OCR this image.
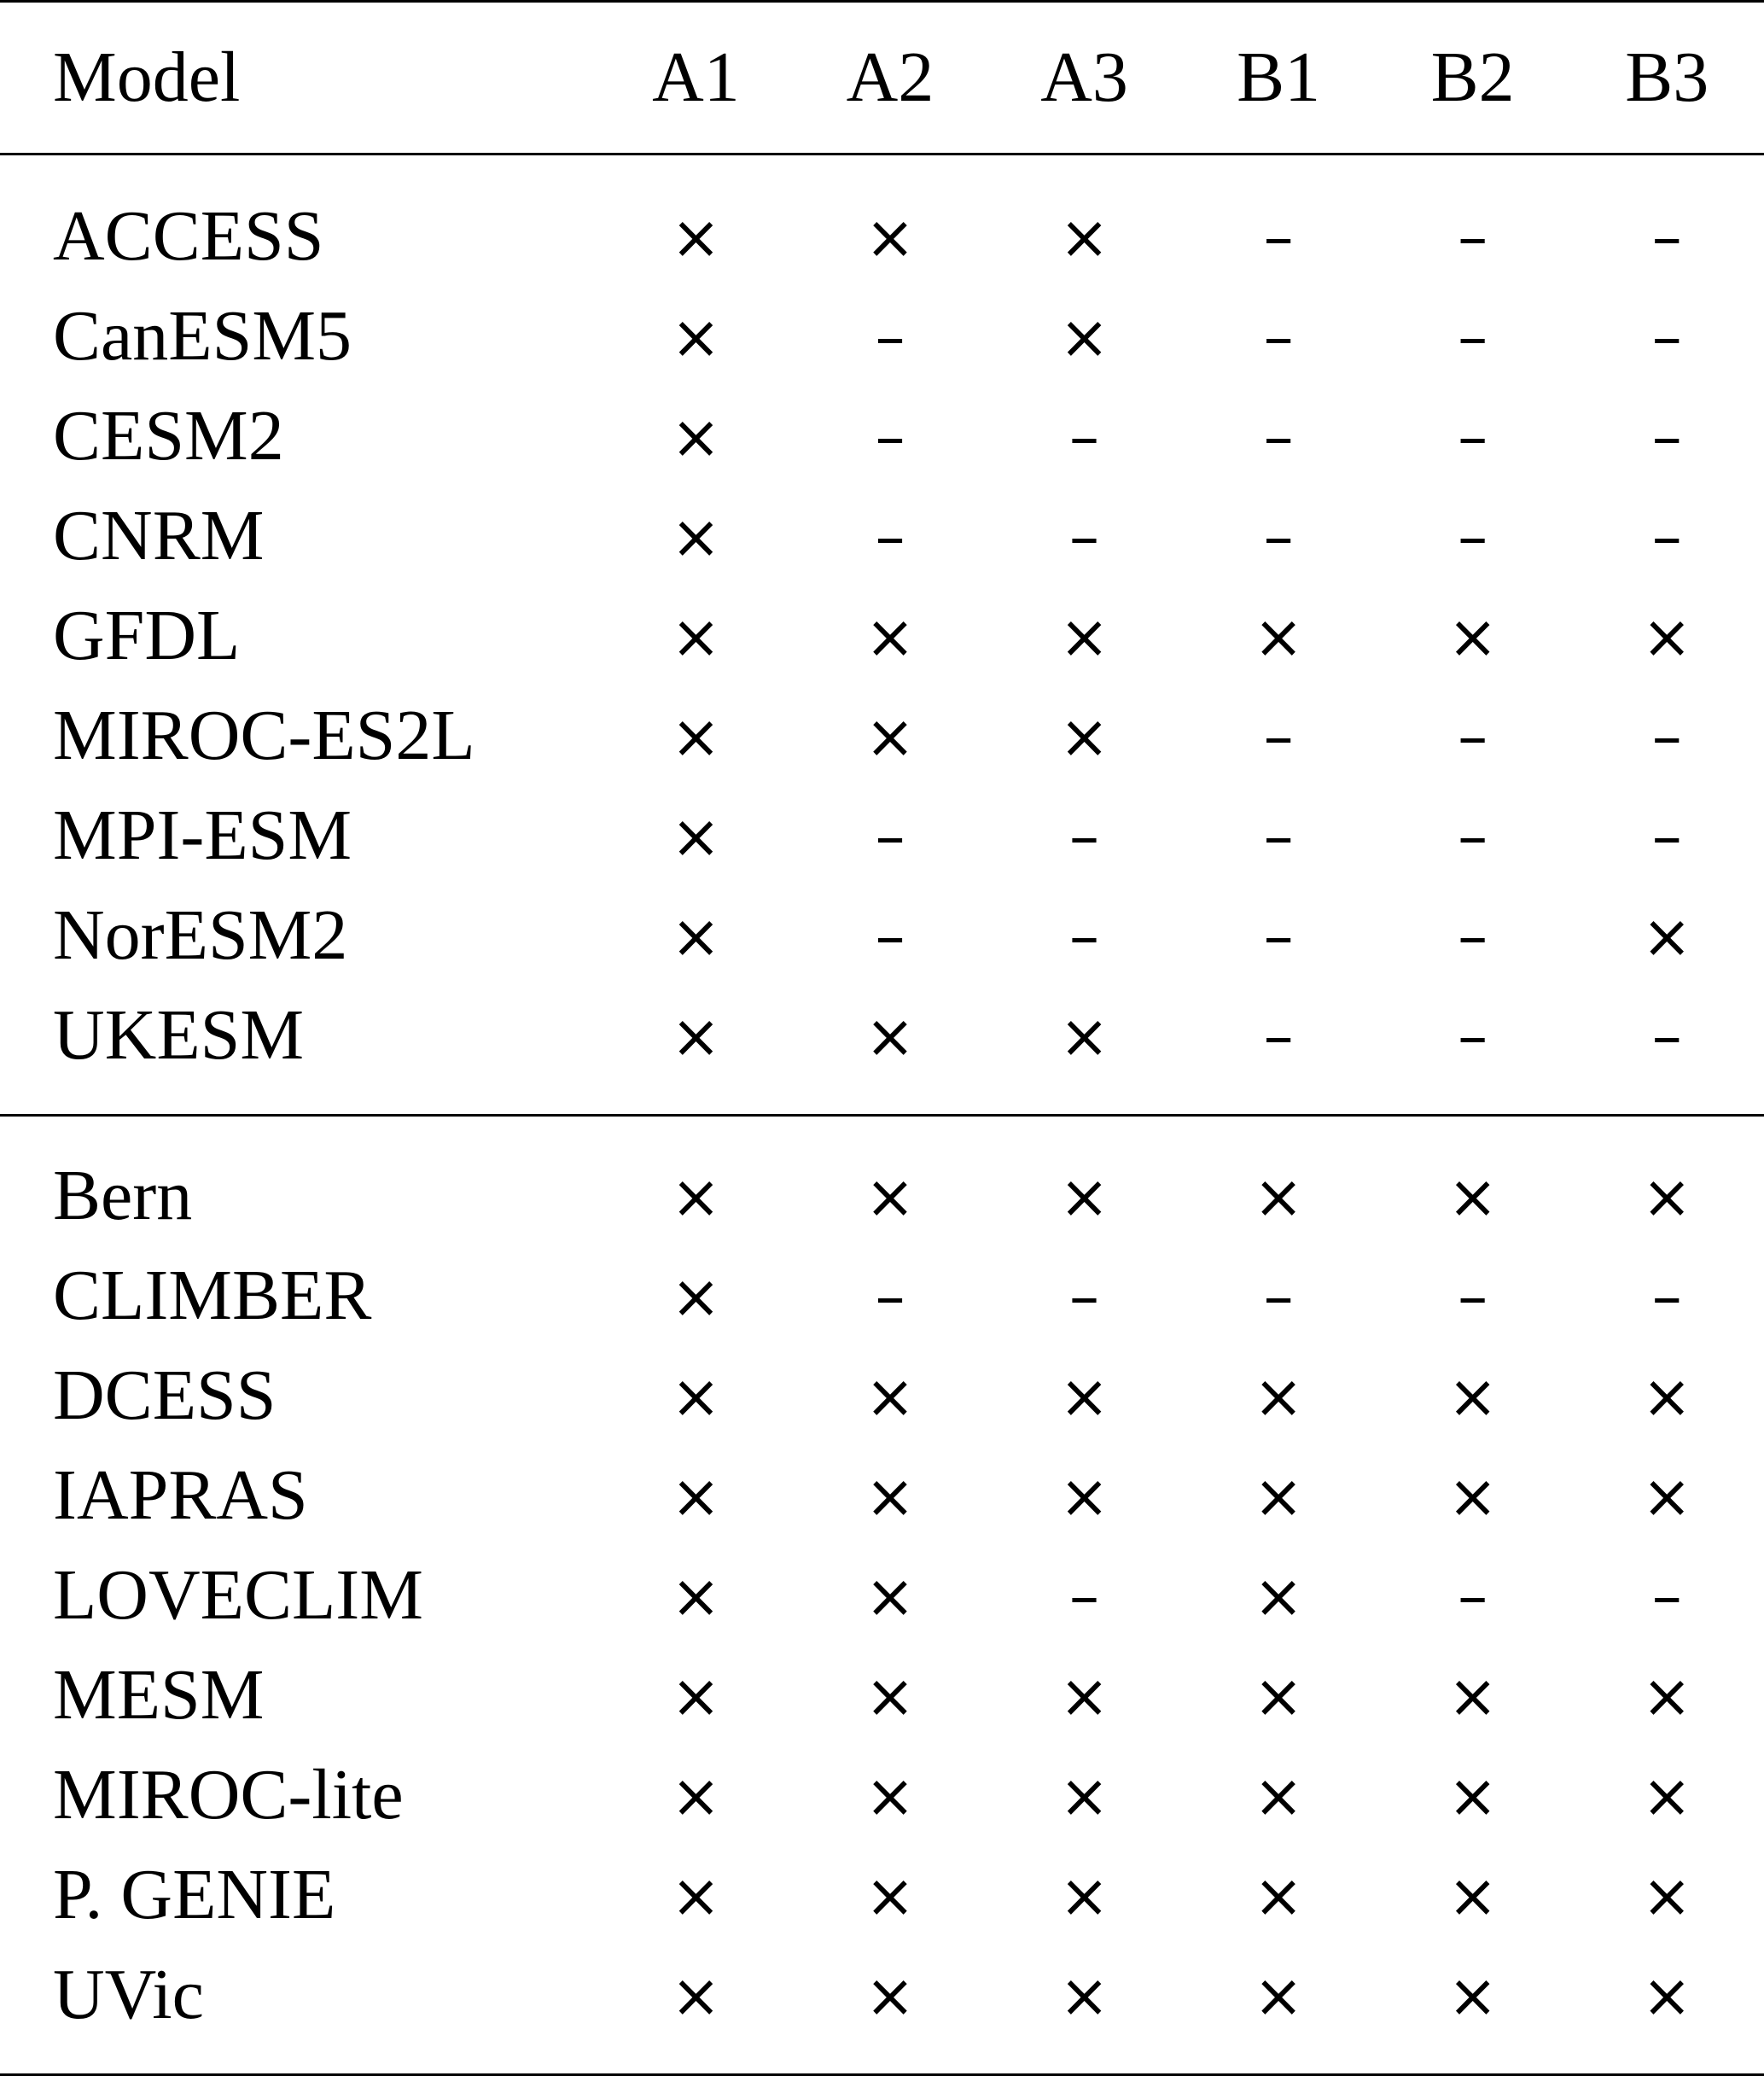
Model	A1	A2	A3	B1	B2	B3
ACCESS	×	×	×	–	–	–
CanESM5	×	–	×	–	–	–
CESM2	×	–	–	–	–	–
CNRM	×	–	–	–	–	–
GFDL	×	×	×	×	×	×
MIROC-ES2L	×	×	×	–	–	–
MPI-ESM	×	–	–	–	–	–
NorESM2	×	–	–	–	–	×
UKESM	×	×	×	–	–	–
Bern	×	×	×	×	×	×
CLIMBER	×	–	–	–	–	–
DCESS	×	×	×	×	×	×
IAPRAS	×	×	×	×	×	×
LOVECLIM	×	×	–	×	–	–
MESM	×	×	×	×	×	×
MIROC-lite	×	×	×	×	×	×
P. GENIE	×	×	×	×	×	×
UVic	×	×	×	×	×	×
